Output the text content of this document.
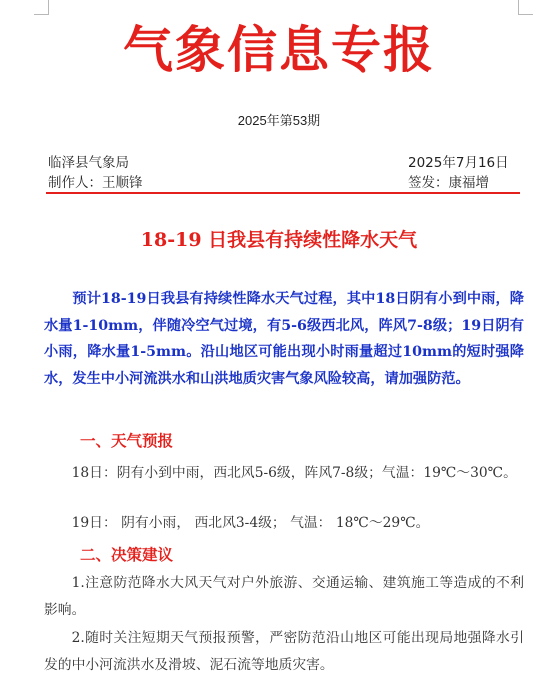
气象信息专报
2025年第53期
临泽县气象局	2025年7月16日
制作人：王顺锋	签发：康福增
18-19 日我县有持续性降水天气

预计18-19日我县有持续性降水天气过程，其中18日阴有小到中雨，降水量1-10mm，伴随冷空气过境，有5-6级西北风，阵风7-8级；19日阴有小雨，降水量1-5mm。沿山地区可能出现小时雨量超过10mm的短时强降水，发生中小河流洪水和山洪地质灾害气象风险较高，请加强防范。

一、天气预报

18日：阴有小到中雨，西北风5-6级，阵风7-8级；气温：19℃～30℃。

19日： 阴有小雨， 西北风3-4级； 气温： 18℃～29℃。

二、决策建议

1.注意防范降水大风天气对户外旅游、交通运输、建筑施工等造成的不利影响。

2.随时关注短期天气预报预警，严密防范沿山地区可能出现局地强降水引发的中小河流洪水及滑坡、泥石流等地质灾害。
